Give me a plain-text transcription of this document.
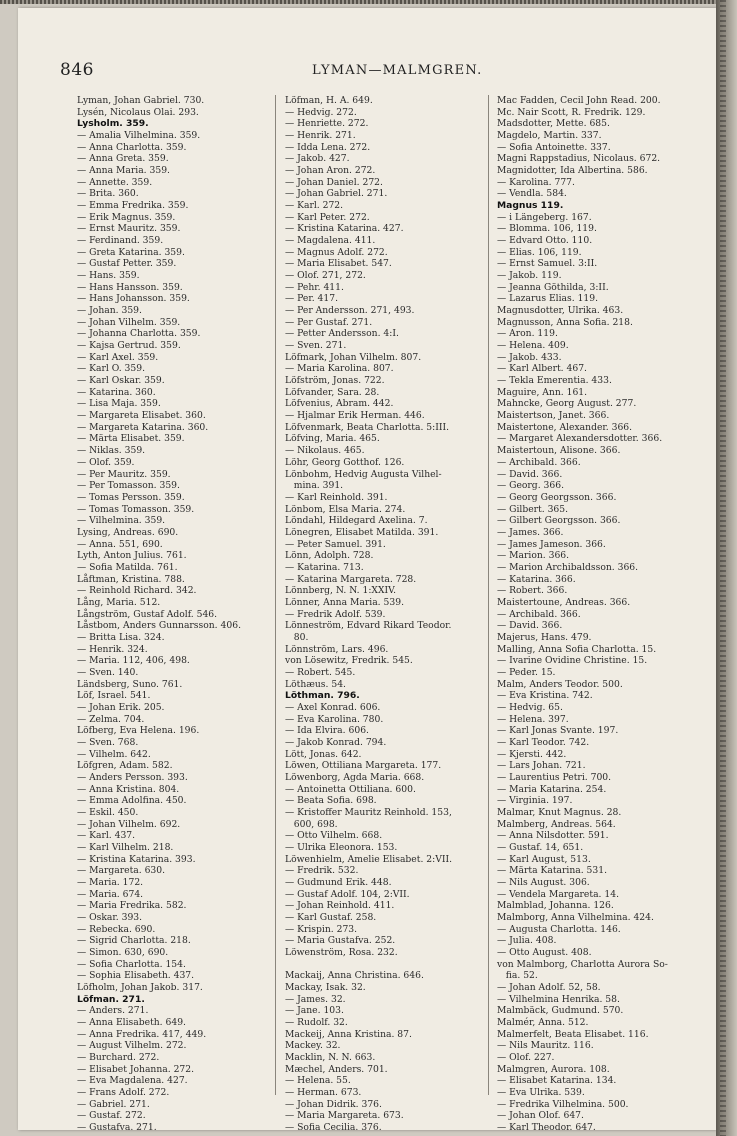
846	LYMAN—MALMGREN.
Lyman, Johan Gabriel. 730.
Lysén, Nicolaus Olai. 293.
Lysholm. 359.
— Amalia Vilhelmina. 359.
— Anna Charlotta. 359.
— Anna Greta. 359.
— Anna Maria. 359.
— Annette. 359.
— Brita. 360.
— Emma Fredrika. 359.
— Erik Magnus. 359.
— Ernst Mauritz. 359.
— Ferdinand. 359.
— Greta Katarina. 359.
— Gustaf Petter. 359.
— Hans. 359.
— Hans Hansson. 359.
— Hans Johansson. 359.
— Johan. 359.
— Johan Vilhelm. 359.
— Johanna Charlotta. 359.
— Kajsa Gertrud. 359.
— Karl Axel. 359.
— Karl O. 359.
— Karl Oskar. 359.
— Katarina. 360.
— Lisa Maja. 359.
— Margareta Elisabet. 360.
— Margareta Katarina. 360.
— Märta Elisabet. 359.
— Niklas. 359.
— Olof. 359.
— Per Mauritz. 359.
— Per Tomasson. 359.
— Tomas Persson. 359.
— Tomas Tomasson. 359.
— Vilhelmina. 359.
Lysing, Andreas. 690.
— Anna. 551, 690.
Lyth, Anton Julius. 761.
— Sofia Matilda. 761.
Låftman, Kristina. 788.
— Reinhold Richard. 342.
Lång, Maria. 512.
Långström, Gustaf Adolf. 546.
Låstbom, Anders Gunnarsson. 406.
— Britta Lisa. 324.
— Henrik. 324.
— Maria. 112, 406, 498.
— Sven. 140.
Ländsberg, Suno. 761.
Löf, Israel. 541.
— Johan Erik. 205.
— Zelma. 704.
Löfberg, Eva Helena. 196.
— Sven. 768.
— Vilhelm. 642.
Löfgren, Adam. 582.
— Anders Persson. 393.
— Anna Kristina. 804.
— Emma Adolfina. 450.
— Eskil. 450.
— Johan Vilhelm. 692.
— Karl. 437.
— Karl Vilhelm. 218.
— Kristina Katarina. 393.
— Margareta. 630.
— Maria. 172.
— Maria. 674.
— Maria Fredrika. 582.
— Oskar. 393.
— Rebecka. 690.
— Sigrid Charlotta. 218.
— Simon. 630, 690.
— Sofia Charlotta. 154.
— Sophia Elisabeth. 437.
Löfholm, Johan Jakob. 317.
Löfman. 271.
— Anders. 271.
— Anna Elisabeth. 649.
— Anna Fredrika. 417, 449.
— August Vilhelm. 272.
— Burchard. 272.
— Elisabet Johanna. 272.
— Eva Magdalena. 427.
— Frans Adolf. 272.
— Gabriel. 271.
— Gustaf. 272.
— Gustafva. 271.
Löfman, H. A. 649.
— Hedvig. 272.
— Henriette. 272.
— Henrik. 271.
— Idda Lena. 272.
— Jakob. 427.
— Johan Aron. 272.
— Johan Daniel. 272.
— Johan Gabriel. 271.
— Karl. 272.
— Karl Peter. 272.
— Kristina Katarina. 427.
— Magdalena. 411.
— Magnus Adolf. 272.
— Maria Elisabet. 547.
— Olof. 271, 272.
— Pehr. 411.
— Per. 417.
— Per Andersson. 271, 493.
— Per Gustaf. 271.
— Petter Andersson. 4:I.
— Sven. 271.
Löfmark, Johan Vilhelm. 807.
— Maria Karolina. 807.
Löfström, Jonas. 722.
Löfvander, Sara. 28.
Löfvenius, Abram. 442.
— Hjalmar Erik Herman. 446.
Löfvenmark, Beata Charlotta. 5:III.
Löfving, Maria. 465.
— Nikolaus. 465.
Löhr, Georg Gotthof. 126.
Lönbohm, Hedvig Augusta Vilhel-
mina. 391.
— Karl Reinhold. 391.
Lönbom, Elsa Maria. 274.
Löndahl, Hildegard Axelina. 7.
Lönegren, Elisabet Matilda. 391.
— Peter Samuel. 391.
Lönn, Adolph. 728.
— Katarina. 713.
— Katarina Margareta. 728.
Lönnberg, N. N. 1:XXIV.
Lönner, Anna Maria. 539.
— Fredrik Adolf. 539.
Lönneström, Edvard Rikard Teodor.
80.
Lönnström, Lars. 496.
von Lösewitz, Fredrik. 545.
— Robert. 545.
Löthæus. 54.
Löthman. 796.
— Axel Konrad. 606.
— Eva Karolina. 780.
— Ida Elvira. 606.
— Jakob Konrad. 794.
Lött, Jonas. 642.
Löwen, Ottiliana Margareta. 177.
Löwenborg, Agda Maria. 668.
— Antoinetta Ottiliana. 600.
— Beata Sofia. 698.
— Kristoffer Mauritz Reinhold. 153,
600, 698.
— Otto Vilhelm. 668.
— Ulrika Eleonora. 153.
Löwenhielm, Amelie Elisabet. 2:VII.
— Fredrik. 532.
— Gudmund Erik. 448.
— Gustaf Adolf. 104, 2:VII.
— Johan Reinhold. 411.
— Karl Gustaf. 258.
— Krispin. 273.
— Maria Gustafva. 252.
Löwenström, Rosa. 232.
Mackaij, Anna Christina. 646.
Mackay, Isak. 32.
— James. 32.
— Jane. 103.
— Rudolf. 32.
Mackeij, Anna Kristina. 87.
Mackey. 32.
Macklin, N. N. 663.
Mæchel, Anders. 701.
— Helena. 55.
— Herman. 673.
— Johan Didrik. 376.
— Maria Margareta. 673.
— Sofia Cecilia. 376.
Mac Fadden, Cecil John Read. 200.
Mc. Nair Scott, R. Fredrik. 129.
Madsdotter, Mette. 685.
Magdelo, Martin. 337.
— Sofia Antoinette. 337.
Magni Rappstadius, Nicolaus. 672.
Magnidotter, Ida Albertina. 586.
— Karolina. 777.
— Vendla. 584.
Magnus 119.
— i Längeberg. 167.
— Blomma. 106, 119.
— Edvard Otto. 110.
— Elias. 106, 119.
— Ernst Samuel. 3:II.
— Jakob. 119.
— Jeanna Göthilda, 3:II.
— Lazarus Elias. 119.
Magnusdotter, Ulrika. 463.
Magnusson, Anna Sofia. 218.
— Aron. 119.
— Helena. 409.
— Jakob. 433.
— Karl Albert. 467.
— Tekla Emerentia. 433.
Maguire, Ann. 161.
Mahncke, Georg August. 277.
Maistertson, Janet. 366.
Maistertone, Alexander. 366.
— Margaret Alexandersdotter. 366.
Maistertoun, Alisone. 366.
— Archibald. 366.
— David. 366.
— Georg. 366.
— Georg Georgsson. 366.
— Gilbert. 365.
— Gilbert Georgsson. 366.
— James. 366.
— James Jameson. 366.
— Marion. 366.
— Marion Archibaldsson. 366.
— Katarina. 366.
— Robert. 366.
Maistertoune, Andreas. 366.
— Archibald. 366.
— David. 366.
Majerus, Hans. 479.
Malling, Anna Sofia Charlotta. 15.
— Ivarine Ovidine Christine. 15.
— Peder. 15.
Malm, Anders Teodor. 500.
— Eva Kristina. 742.
— Hedvig. 65.
— Helena. 397.
— Karl Jonas Svante. 197.
— Karl Teodor. 742.
— Kjersti. 442.
— Lars Johan. 721.
— Laurentius Petri. 700.
— Maria Katarina. 254.
— Virginia. 197.
Malmar, Knut Magnus. 28.
Malmberg, Andreas. 564.
— Anna Nilsdotter. 591.
— Gustaf. 14, 651.
— Karl August, 513.
— Märta Katarina. 531.
— Nils August. 306.
— Vendela Margareta. 14.
Malmblad, Johanna. 126.
Malmborg, Anna Vilhelmina. 424.
— Augusta Charlotta. 146.
— Julia. 408.
— Otto August. 408.
von Malmborg, Charlotta Aurora So-
fia. 52.
— Johan Adolf. 52, 58.
— Vilhelmina Henrika. 58.
Malmbäck, Gudmund. 570.
Malmér, Anna. 512.
Malmerfelt, Beata Elisabet. 116.
— Nils Mauritz. 116.
— Olof. 227.
Malmgren, Aurora. 108.
— Elisabet Katarina. 134.
— Eva Ulrika. 539.
— Fredrika Vilhelmina. 500.
— Johan Olof. 647.
— Karl Theodor. 647.
